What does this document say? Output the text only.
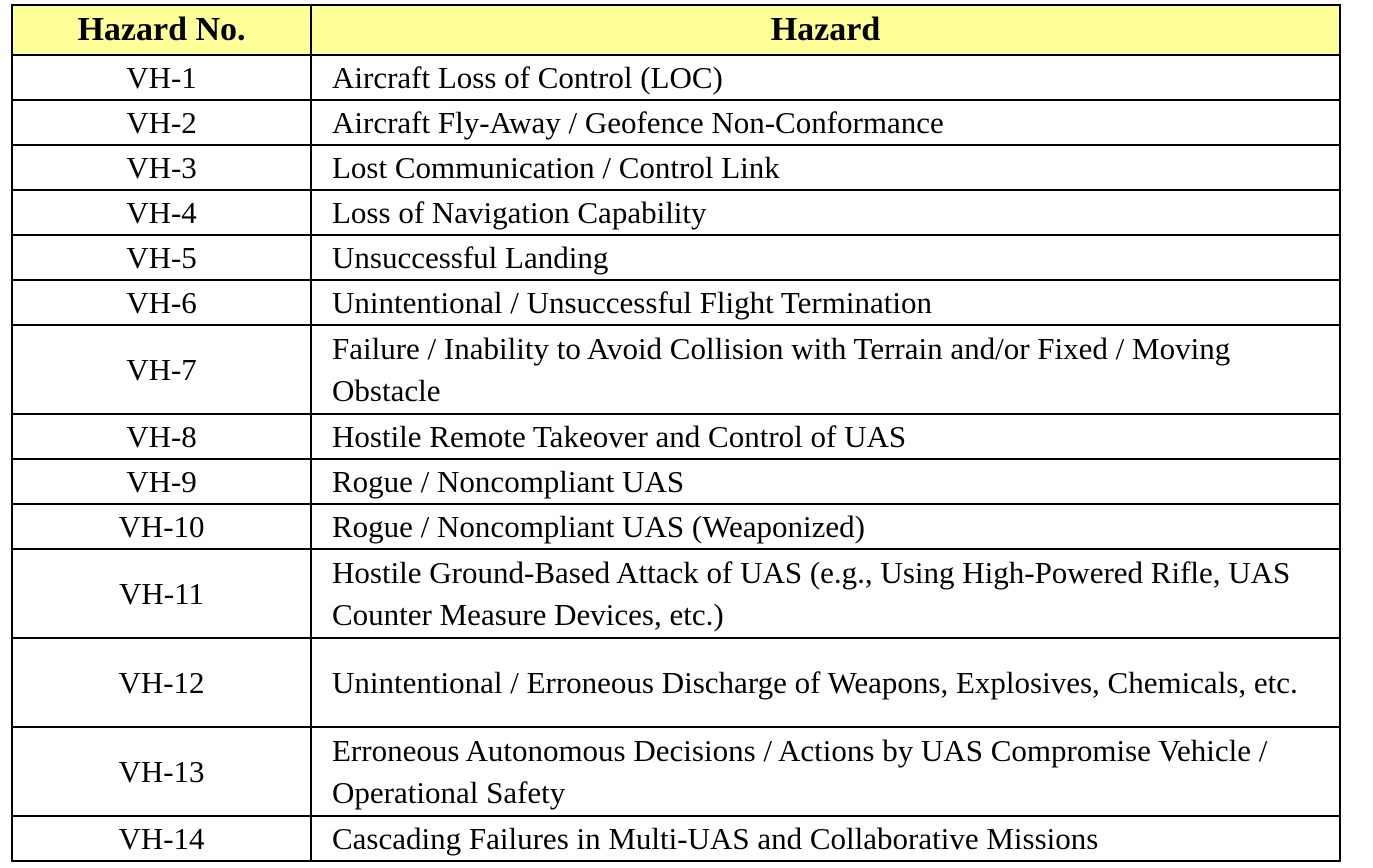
Hazard No.	Hazard
VH-1	Aircraft Loss of Control (LOC)
VH-2	Aircraft Fly-Away / Geofence Non-Conformance
VH-3	Lost Communication / Control Link
VH-4	Loss of Navigation Capability
VH-5	Unsuccessful Landing
VH-6	Unintentional / Unsuccessful Flight Termination
VH-7	Failure / Inability to Avoid Collision with Terrain and/or Fixed / Moving Obstacle
VH-8	Hostile Remote Takeover and Control of UAS
VH-9	Rogue / Noncompliant UAS
VH-10	Rogue / Noncompliant UAS (Weaponized)
VH-11	Hostile Ground-Based Attack of UAS (e.g., Using High-Powered Rifle, UAS Counter Measure Devices, etc.)
VH-12	Unintentional / Erroneous Discharge of Weapons, Explosives, Chemicals, etc.
VH-13	Erroneous Autonomous Decisions / Actions by UAS Compromise Vehicle / Operational Safety
VH-14	Cascading Failures in Multi-UAS and Collaborative Missions
